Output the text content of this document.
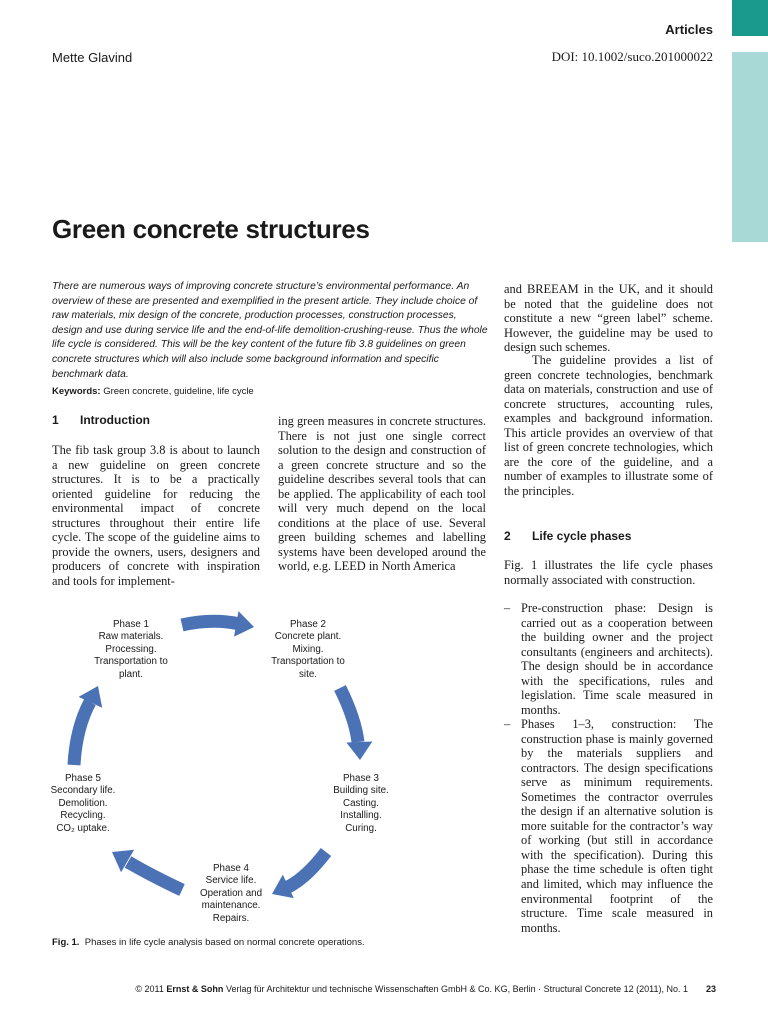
Articles
Mette Glavind	DOI: 10.1002/suco.201000022
Green concrete structures

There are numerous ways of improving concrete structure’s environmental performance. An overview of these are presented and exemplified in the present article. They include choice of raw materials, mix design of the concrete, production processes, construction processes, design and use during service life and the end-of-life demolition-crushing-reuse. Thus the whole life cycle is considered. This will be the key content of the future fib 3.8 guidelines on green concrete structures which will also include some background information and specific benchmark data.

Keywords: Green concrete, guideline, life cycle
1 Introduction

The fib task group 3.8 is about to launch a new guideline on green concrete structures. It is to be a practically oriented guideline for reducing the environmental impact of concrete structures throughout their entire life cycle. The scope of the guideline aims to provide the owners, users, designers and producers of concrete with inspiration and tools for implement-

ing green measures in concrete structures. There is not just one single correct solution to the design and construction of a green concrete structure and so the guideline describes several tools that can be applied. The applicability of each tool will very much depend on the local conditions at the place of use. Several green building schemes and labelling systems have been developed around the world, e.g. LEED in North America

and BREEAM in the UK, and it should be noted that the guideline does not constitute a new “green label” scheme. However, the guideline may be used to design such schemes.

The guideline provides a list of green concrete technologies, benchmark data on materials, construction and use of concrete structures, accounting rules, examples and background information. This article provides an overview of that list of green concrete technologies, which are the core of the guideline, and a number of examples to illustrate some of the principles.

2 Life cycle phases

Fig. 1 illustrates the life cycle phases normally associated with construction.

– Pre-construction phase: Design is carried out as a cooperation between the building owner and the project consultants (engineers and architects). The design should be in accordance with the specifications, rules and legislation. Time scale measured in months.
– Phases 1–3, construction: The construction phase is mainly governed by the materials suppliers and contractors. The design specifications serve as minimum requirements. Sometimes the contractor overrules the design if an alternative solution is more suitable for the contractor’s way of working (but still in accordance with the specification). During this phase the time schedule is often tight and limited, which may influence the environmental footprint of the structure. Time scale measured in months.
Phase 1
Raw materials.
Processing.
Transportation to
plant.
Phase 2
Concrete plant.
Mixing.
Transportation to
site.
Phase 3
Building site.
Casting.
Installing.
Curing.
Phase 4
Service life.
Operation and
maintenance.
Repairs.
Phase 5
Secondary life.
Demolition.
Recycling.
CO₂ uptake.
Fig. 1. Phases in life cycle analysis based on normal concrete operations.
© 2011 Ernst & Sohn Verlag für Architektur und technische Wissenschaften GmbH & Co. KG, Berlin · Structural Concrete 12 (2011), No. 1 23
